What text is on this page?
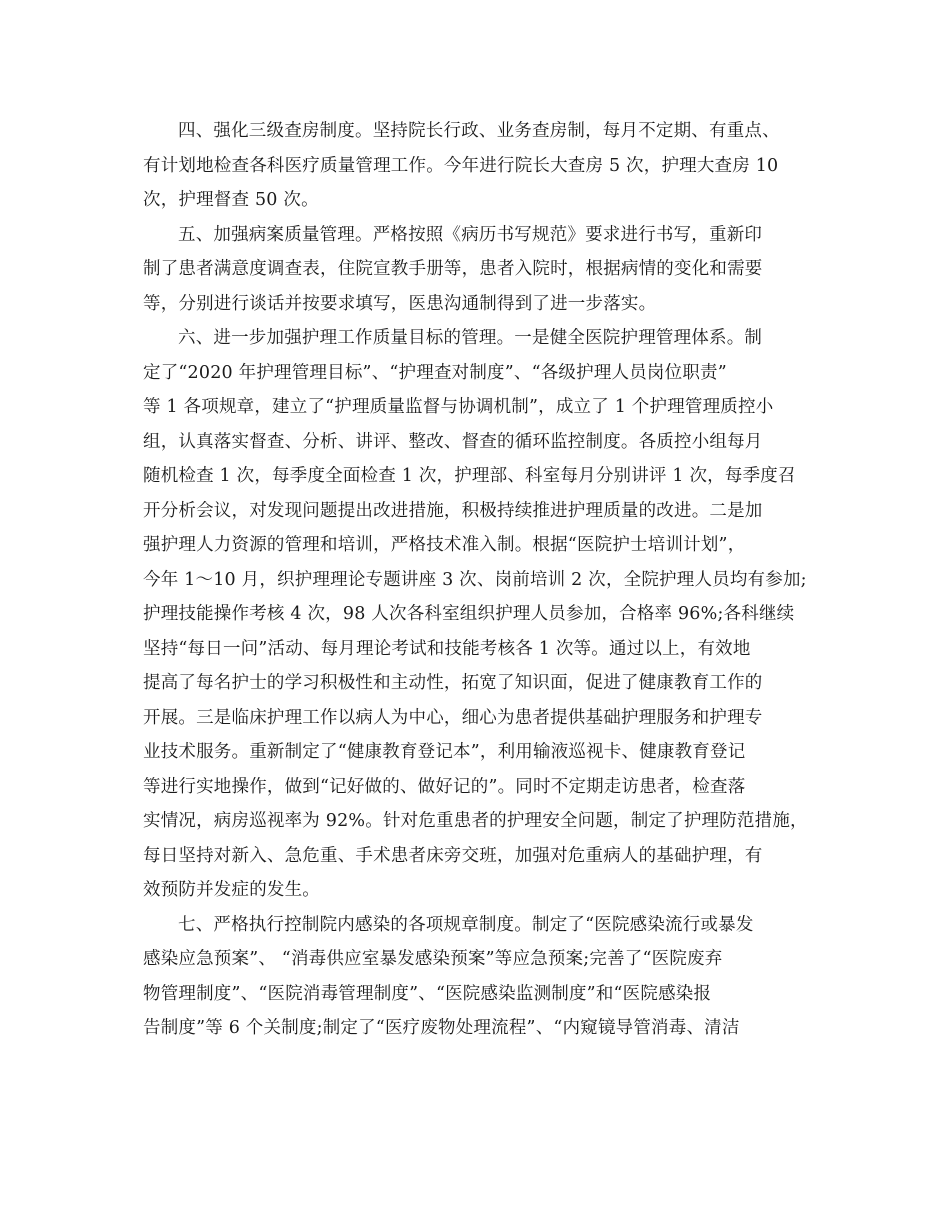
四、强化三级查房制度。坚持院长行政、业务查房制，每月不定期、有重点、
有计划地检查各科医疗质量管理工作。今年进行院长大查房 5 次，护理大查房 10
次，护理督查 50 次。
五、加强病案质量管理。严格按照《病历书写规范》要求进行书写，重新印
制了患者满意度调查表，住院宣教手册等，患者入院时，根据病情的变化和需要
等，分别进行谈话并按要求填写，医患沟通制得到了进一步落实。
六、进一步加强护理工作质量目标的管理。一是健全医院护理管理体系。制
定了“2020 年护理管理目标”、“护理查对制度”、“各级护理人员岗位职责”
等 1 各项规章，建立了“护理质量监督与协调机制”，成立了 1 个护理管理质控小
组，认真落实督查、分析、讲评、整改、督查的循环监控制度。各质控小组每月
随机检查 1 次，每季度全面检查 1 次，护理部、科室每月分别讲评 1 次，每季度召
开分析会议，对发现问题提出改进措施，积极持续推进护理质量的改进。二是加
强护理人力资源的管理和培训，严格技术准入制。根据“医院护士培训计划”，
今年 1～10 月，织护理理论专题讲座 3 次、岗前培训 2 次，全院护理人员均有参加;
护理技能操作考核 4 次，98 人次各科室组织护理人员参加，合格率 96%;各科继续
坚持“每日一问”活动、每月理论考试和技能考核各 1 次等。通过以上，有效地
提高了每名护士的学习积极性和主动性，拓宽了知识面，促进了健康教育工作的
开展。三是临床护理工作以病人为中心，细心为患者提供基础护理服务和护理专
业技术服务。重新制定了“健康教育登记本”，利用输液巡视卡、健康教育登记
等进行实地操作，做到“记好做的、做好记的”。同时不定期走访患者，检查落
实情况，病房巡视率为 92%。针对危重患者的护理安全问题，制定了护理防范措施，
每日坚持对新入、急危重、手术患者床旁交班，加强对危重病人的基础护理，有
效预防并发症的发生。
七、严格执行控制院内感染的各项规章制度。制定了“医院感染流行或暴发
感染应急预案”、 “消毒供应室暴发感染预案”等应急预案;完善了“医院废弃
物管理制度”、“医院消毒管理制度”、“医院感染监测制度”和“医院感染报
告制度”等 6 个关制度;制定了“医疗废物处理流程”、“内窥镜导管消毒、清洁
